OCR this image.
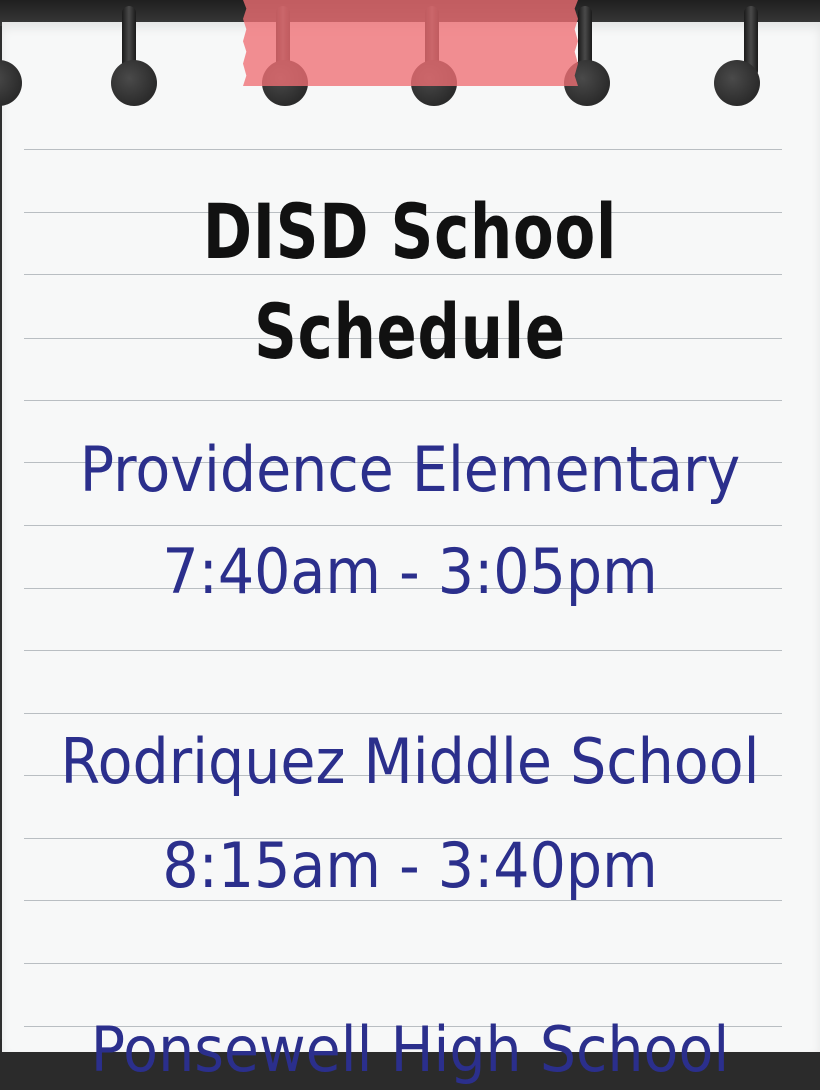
DISD School Schedule
Providence Elementary
7:40am - 3:05pm
Rodriquez Middle School
8:15am - 3:40pm
Ponsewell High School
